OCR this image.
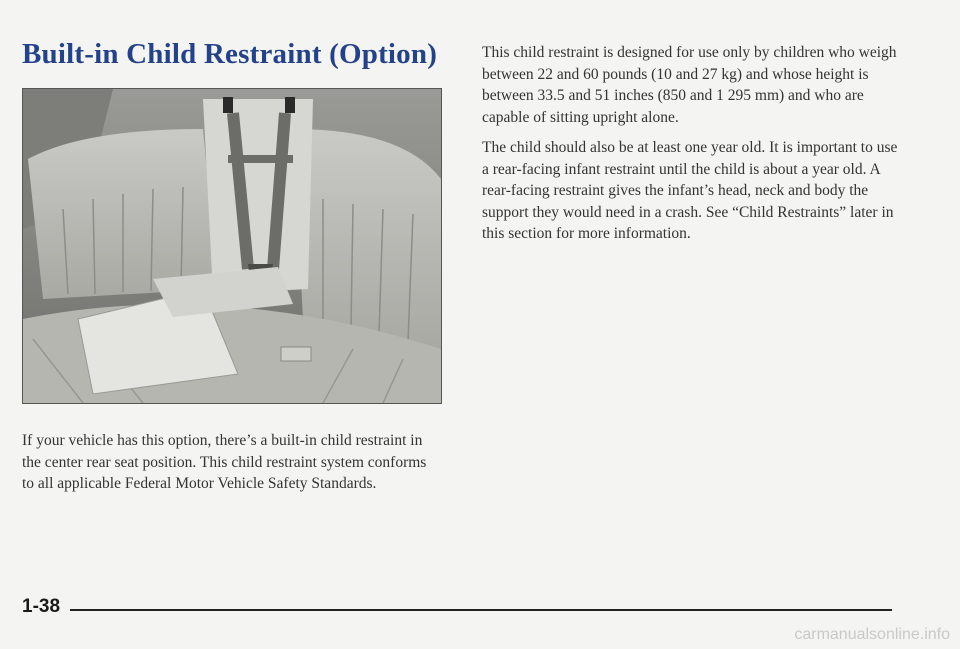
Built-in Child Restraint (Option)

If your vehicle has this option, there’s a built-in child restraint in the center rear seat position. This child restraint system conforms to all applicable Federal Motor Vehicle Safety Standards.

This child restraint is designed for use only by children who weigh between 22 and 60 pounds (10 and 27 kg) and whose height is between 33.5 and 51 inches (850 and 1 295 mm) and who are capable of sitting upright alone.

The child should also be at least one year old. It is important to use a rear-facing infant restraint until the child is about a year old. A rear-facing restraint gives the infant’s head, neck and body the support they would need in a crash. See “Child Restraints” later in this section for more information.

1-38
carmanualsonline.info
